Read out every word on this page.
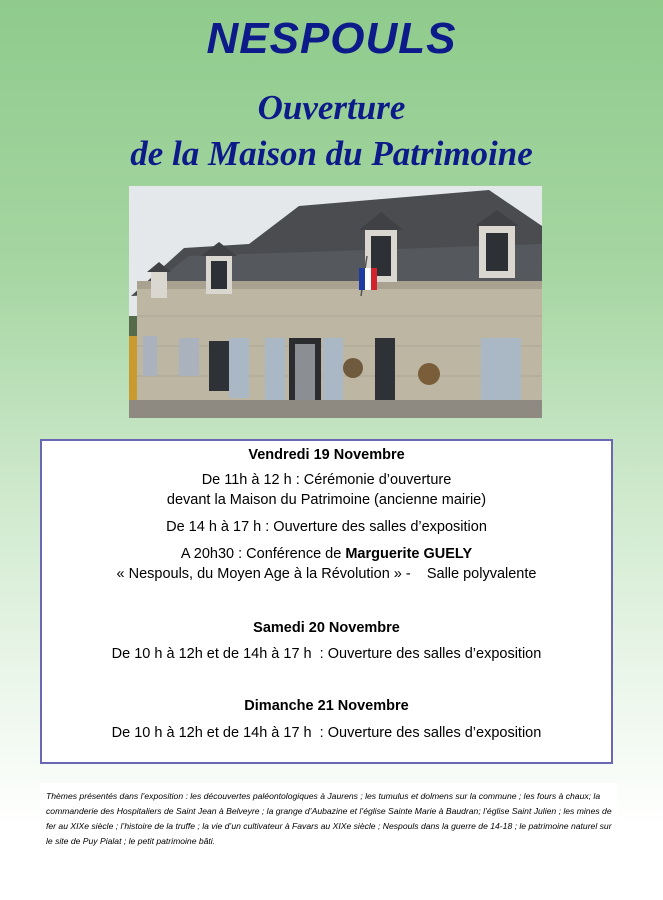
NESPOULS
Ouverture
de la Maison du Patrimoine
Vendredi 19 Novembre
De 11h à 12 h : Cérémonie d’ouverture
devant la Maison du Patrimoine (ancienne mairie)
De 14 h à 17 h : Ouverture des salles d’exposition
A 20h30 : Conférence de Marguerite GUELY
« Nespouls, du Moyen Age à la Révolution » -    Salle polyvalente
Samedi 20 Novembre
De 10 h à 12h et de 14h à 17 h  : Ouverture des salles d’exposition
Dimanche 21 Novembre
De 10 h à 12h et de 14h à 17 h  : Ouverture des salles d’exposition
Thèmes présentés dans l’exposition : les découvertes paléontologiques à Jaurens ; les tumulus et dolmens sur la commune ; les fours à chaux; la commanderie des Hospitaliers de Saint Jean à Belveyre ; la grange d’Aubazine et l’église Sainte Marie à Baudran; l’église Saint Julien ; les mines de fer au XIXe siècle ; l’histoire de la truffe ; la vie d’un cultivateur à Favars au XIXe siècle ; Nespouls dans la guerre de 14-18 ; le patrimoine naturel sur le site de Puy Pialat ; le petit patrimoine bâti.
